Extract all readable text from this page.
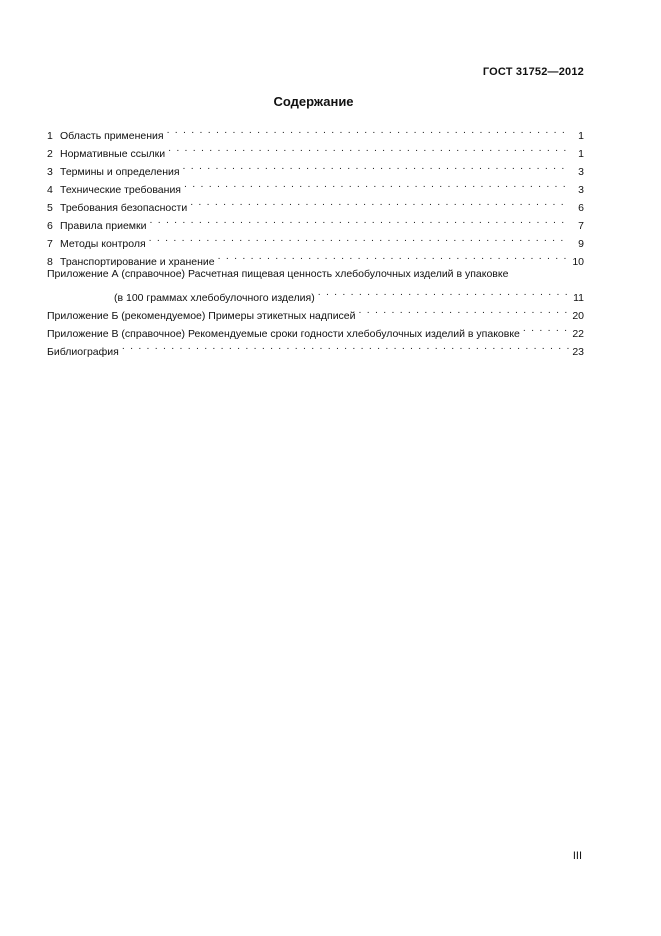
ГОСТ 31752—2012
Содержание
1 Область применения . . .	1
2 Нормативные ссылки . . .	1
3 Термины и определения . . .	3
4 Технические требования . . .	3
5 Требования безопасности . . .	6
6 Правила приемки . . .	7
7 Методы контроля . . .	9
8 Транспортирование и хранение . . .	10
Приложение А (справочное) Расчетная пищевая ценность хлебобулочных изделий в упаковке
(в 100 граммах хлебобулочного изделия) . . .	11
Приложение Б (рекомендуемое) Примеры этикетных надписей . . .	20
Приложение В (справочное) Рекомендуемые сроки годности хлебобулочных изделий в упаковке . . .	22
Библиография . . .	23
III
